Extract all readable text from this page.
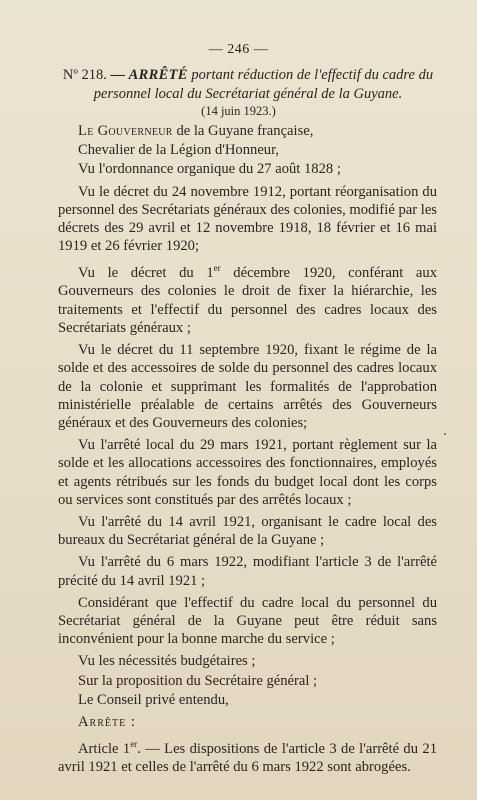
— 246 —
Nº 218. — ARRÊTÉ portant réduction de l'effectif du cadre du personnel local du Secrétariat général de la Guyane.
(14 juin 1923.)

Le Gouverneur de la Guyane française,

Chevalier de la Légion d'Honneur,

Vu l'ordonnance organique du 27 août 1828 ;

Vu le décret du 24 novembre 1912, portant réorganisation du personnel des Secrétariats généraux des colonies, modifié par les décrets des 29 avril et 12 novembre 1918, 18 février et 16 mai 1919 et 26 février 1920;

Vu le décret du 1er décembre 1920, conférant aux Gouverneurs des colonies le droit de fixer la hiérarchie, les traitements et l'effectif du personnel des cadres locaux des Secrétariats généraux ;

Vu le décret du 11 septembre 1920, fixant le régime de la solde et des accessoires de solde du personnel des cadres locaux de la colonie et supprimant les formalités de l'approbation ministérielle préalable de certains arrêtés des Gouverneurs généraux et des Gouverneurs des colonies;

Vu l'arrêté local du 29 mars 1921, portant règlement sur la solde et les allocations accessoires des fonctionnaires, employés et agents rétribués sur les fonds du budget local dont les corps ou services sont constitués par des arrêtés locaux ;

Vu l'arrêté du 14 avril 1921, organisant le cadre local des bureaux du Secrétariat général de la Guyane ;

Vu l'arrêté du 6 mars 1922, modifiant l'article 3 de l'arrêté précité du 14 avril 1921 ;

Considérant que l'effectif du cadre local du personnel du Secrétariat général de la Guyane peut être réduit sans inconvénient pour la bonne marche du service ;

Vu les nécessités budgétaires ;

Sur la proposition du Secrétaire général ;

Le Conseil privé entendu,

Arrête :

Article 1er. — Les dispositions de l'article 3 de l'arrêté du 21 avril 1921 et celles de l'arrêté du 6 mars 1922 sont abrogées.
